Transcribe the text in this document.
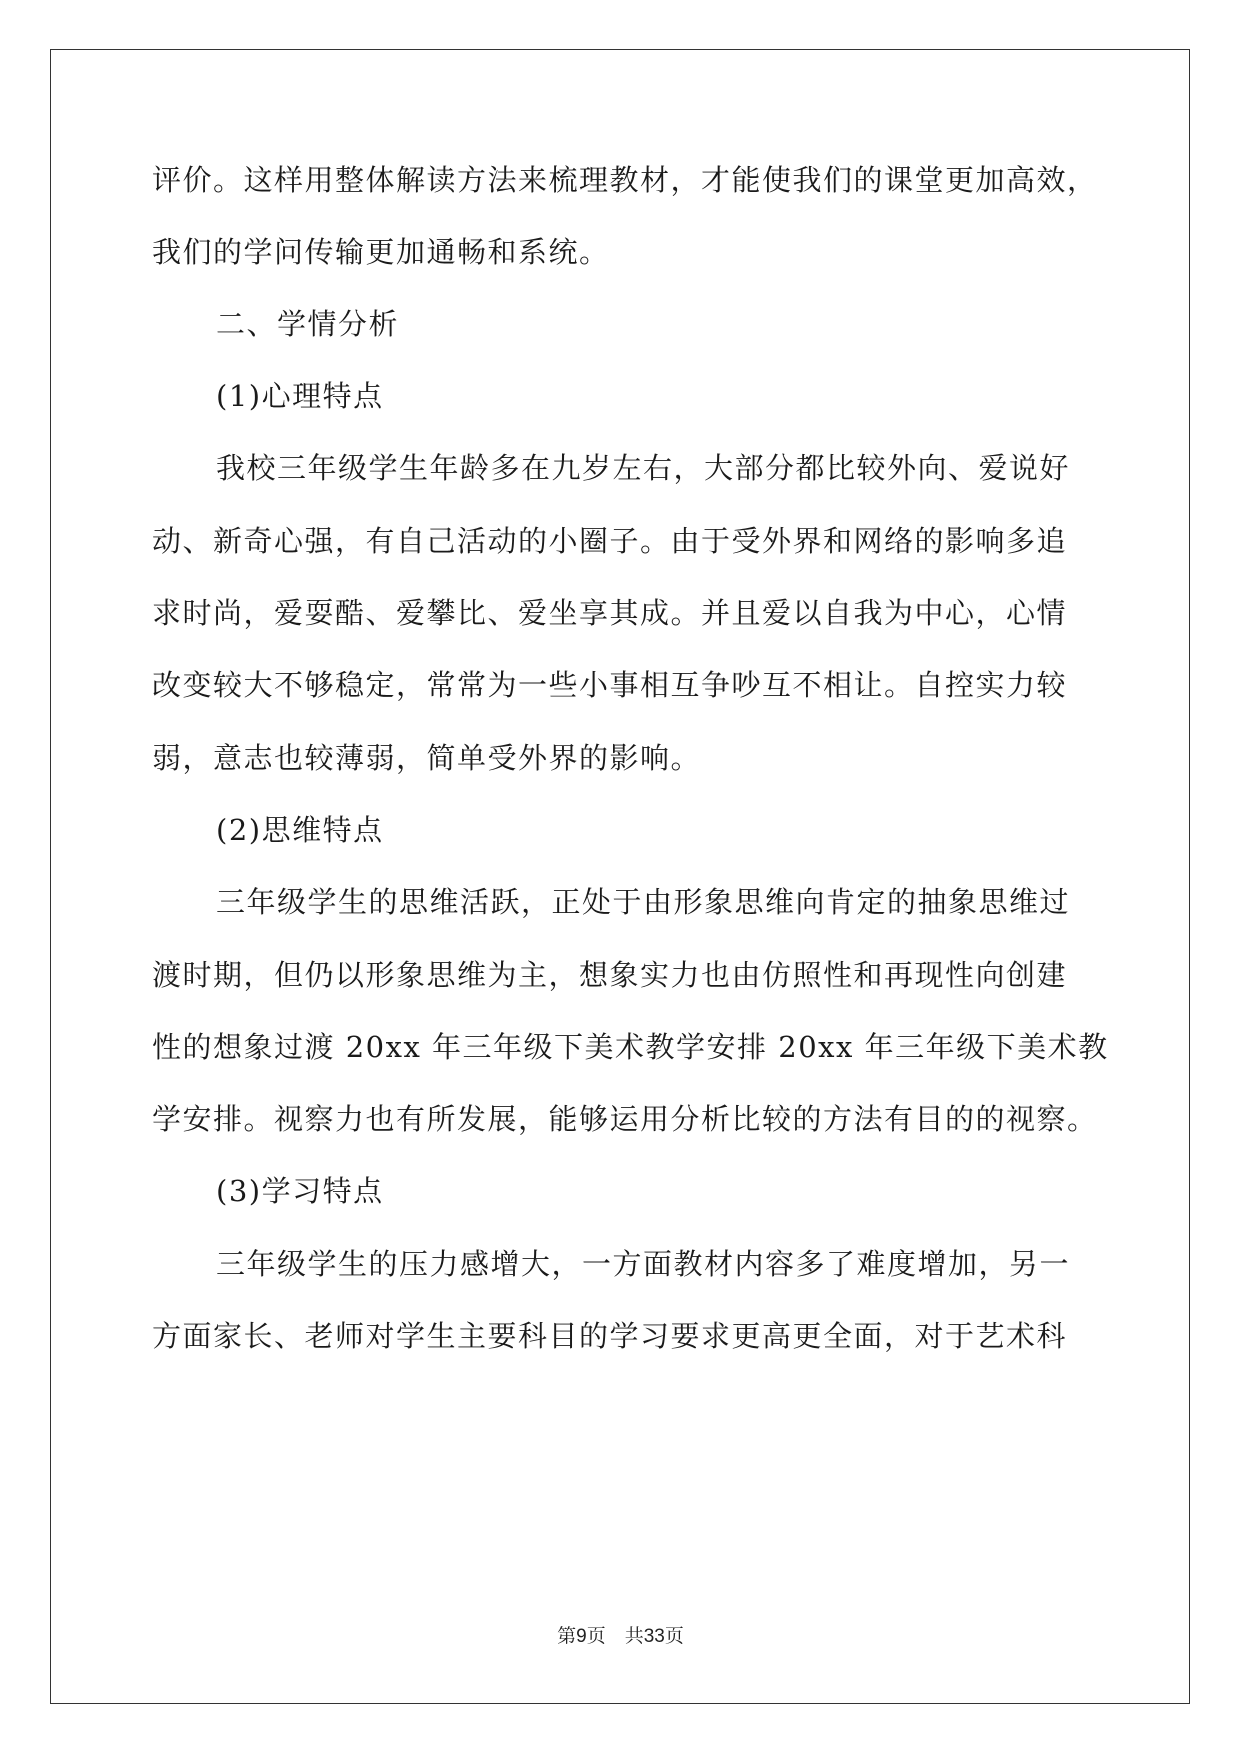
评价。这样用整体解读方法来梳理教材，才能使我们的课堂更加高效，
我们的学问传输更加通畅和系统。
二、学情分析
(1)心理特点
我校三年级学生年龄多在九岁左右，大部分都比较外向、爱说好
动、新奇心强，有自己活动的小圈子。由于受外界和网络的影响多追
求时尚，爱耍酷、爱攀比、爱坐享其成。并且爱以自我为中心，心情
改变较大不够稳定，常常为一些小事相互争吵互不相让。自控实力较
弱，意志也较薄弱，简单受外界的影响。
(2)思维特点
三年级学生的思维活跃，正处于由形象思维向肯定的抽象思维过
渡时期，但仍以形象思维为主，想象实力也由仿照性和再现性向创建
性的想象过渡 20xx 年三年级下美术教学安排 20xx 年三年级下美术教
学安排。视察力也有所发展，能够运用分析比较的方法有目的的视察。
(3)学习特点
三年级学生的压力感增大，一方面教材内容多了难度增加，另一
方面家长、老师对学生主要科目的学习要求更高更全面，对于艺术科
第9页　共33页
